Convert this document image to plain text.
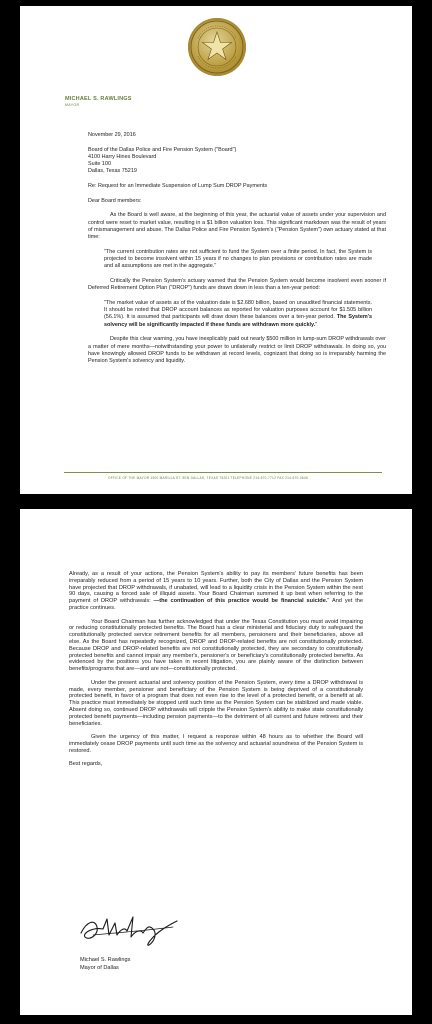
MICHAEL S. RAWLINGS
MAYOR

November 29, 2016

Board of the Dallas Police and Fire Pension System ("Board")

4100 Harry Hines Boulevard

Suite 100

Dallas, Texas 75219

Re: Request for an Immediate Suspension of Lump Sum DROP Payments

Dear Board members:

As the Board is well aware, at the beginning of this year, the actuarial value of assets under your supervision and control were reset to market value, resulting in a $1 billion valuation loss. This significant markdown was the result of years of mismanagement and abuse. The Dallas Police and Fire Pension System's ("Pension System") own actuary stated at that time:

"The current contribution rates are not sufficient to fund the System over a finite period. In fact, the System is projected to become insolvent within 15 years if no changes to plan provisions or contribution rates are made and all assumptions are met in the aggregate."

Critically the Pension System's actuary warned that the Pension System would become insolvent even sooner if Deferred Retirement Option Plan ("DROP") funds are drawn down in less than a ten-year period:

"The market value of assets as of the valuation date is $2.680 billion, based on unaudited financial statements. It should be noted that DROP account balances as reported for valuation purposes account for $1.505 billion (56.1%). It is assumed that participants will draw down these balances over a ten-year period. The System's solvency will be significantly impacted if these funds are withdrawn more quickly."

Despite this clear warning, you have inexplicably paid out nearly $500 million in lump-sum DROP withdrawals over a matter of mere months—notwithstanding your power to unilaterally restrict or limit DROP withdrawals. In doing so, you have knowingly allowed DROP funds to be withdrawn at record levels, cognizant that doing so is irreparably harming the Pension System's solvency and liquidity.

OFFICE OF THE MAYOR 1500 MARILLA ST. 5EN DALLAS, TEXAS 75201 TELEPHONE 214-670-7712 FAX 214-670-0646

Already, as a result of your actions, the Pension System's ability to pay its members' future benefits has been irreparably reduced from a period of 15 years to 10 years. Further, both the City of Dallas and the Pension System have projected that DROP withdrawals, if unabated, will lead to a liquidity crisis in the Pension System within the next 90 days, causing a forced sale of illiquid assets. Your Board Chairman summed it up best when referring to the payment of DROP withdrawals: —the continuation of this practice would be financial suicide." And yet the practice continues.

Your Board Chairman has further acknowledged that under the Texas Constitution you must avoid impairing or reducing constitutionally protected benefits. The Board has a clear ministerial and fiduciary duty to safeguard the constitutionally protected service retirement benefits for all members, pensioners and their beneficiaries, above all else. As the Board has repeatedly recognized, DROP and DROP-related benefits are not constitutionally protected. Because DROP and DROP-related benefits are not constitutionally protected, they are secondary to constitutionally protected benefits and cannot impair any member's, pensioner's or beneficiary's constitutionally protected benefits. As evidenced by the positions you have taken in recent litigation, you are plainly aware of the distinction between benefits/programs that are—and are not—constitutionally protected.

Under the present actuarial and solvency position of the Pension System, every time a DROP withdrawal is made, every member, pensioner and beneficiary of the Pension System is being deprived of a constitutionally protected benefit, in favor of a program that does not even rise to the level of a protected benefit, or a benefit at all. This practice must immediately be stopped until such time as the Pension System can be stabilized and made viable. Absent doing so, continued DROP withdrawals will cripple the Pension System's ability to make state constitutionally protected benefit payments—including pension payments—to the detriment of all current and future retirees and their beneficiaries.

Given the urgency of this matter, I request a response within 48 hours as to whether the Board will immediately cease DROP payments until such time as the solvency and actuarial soundness of the Pension System is restored.

Best regards,

Michael S. Rawlings
Mayor of Dallas
